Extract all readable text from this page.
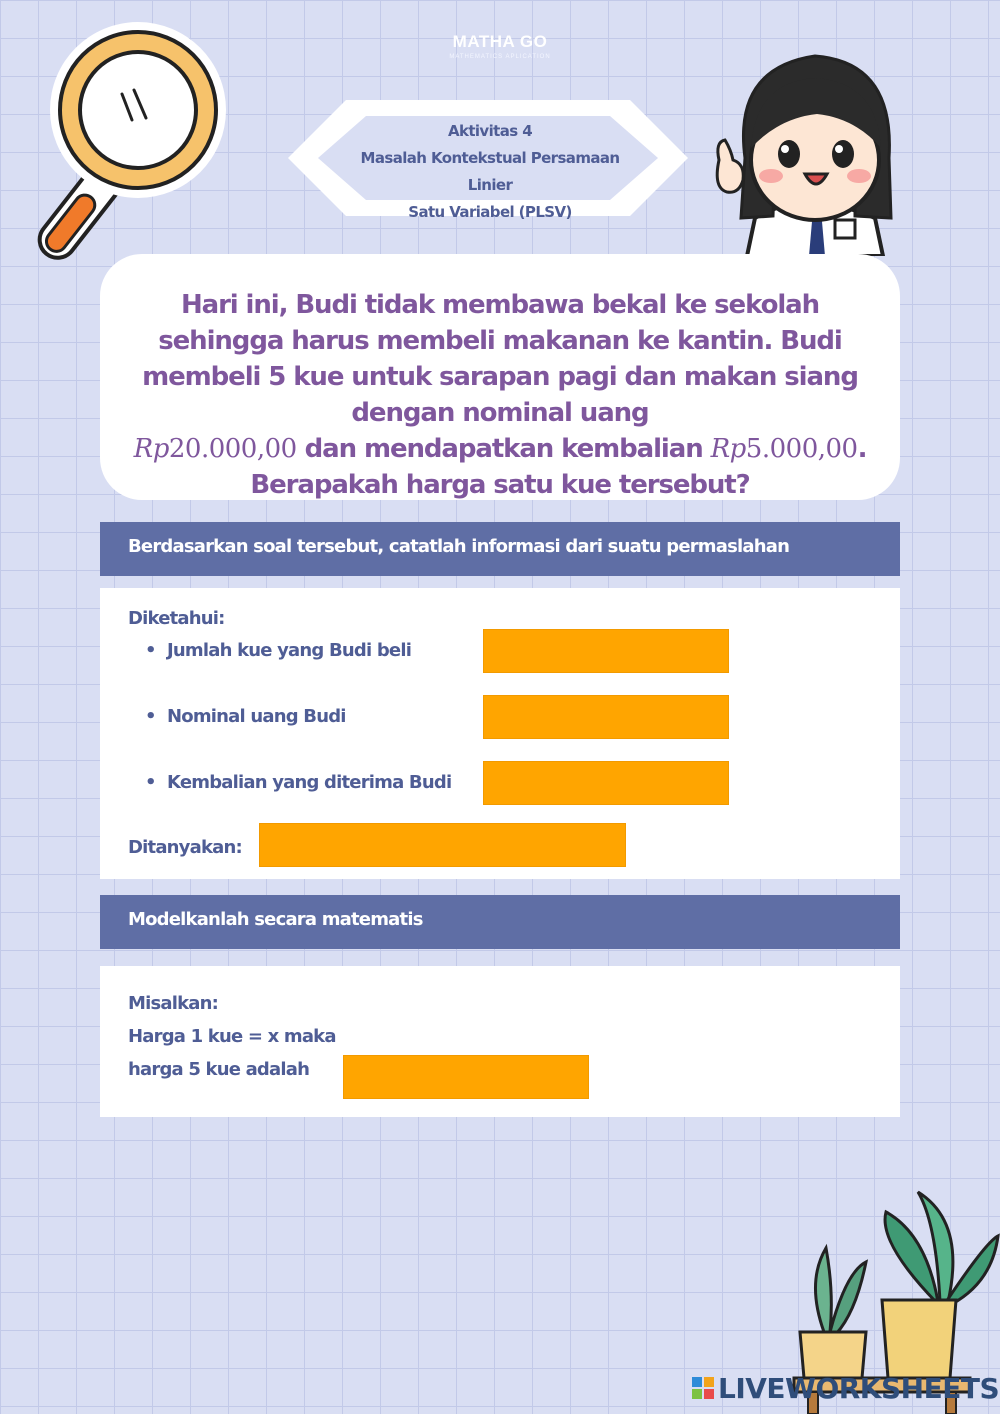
MATHA GO
MATHEMATICS APLICATION
Aktivitas 4
Masalah Kontekstual Persamaan Linier
Satu Variabel (PLSV)
Hari ini, Budi tidak membawa bekal ke sekolah sehingga harus membeli makanan ke kantin. Budi membeli 5 kue untuk sarapan pagi dan makan siang dengan nominal uang
Rp20.000,00 dan mendapatkan kembalian Rp5.000,00.
Berapakah harga satu kue tersebut?
Berdasarkan soal tersebut, catatlah informasi dari suatu permaslahan
Diketahui:
• Jumlah kue yang Budi beli
• Nominal uang Budi
• Kembalian yang diterima Budi
Ditanyakan:
Modelkanlah secara matematis
Misalkan:
Harga 1 kue = x maka
harga 5 kue adalah
LIVEWORKSHEETS
